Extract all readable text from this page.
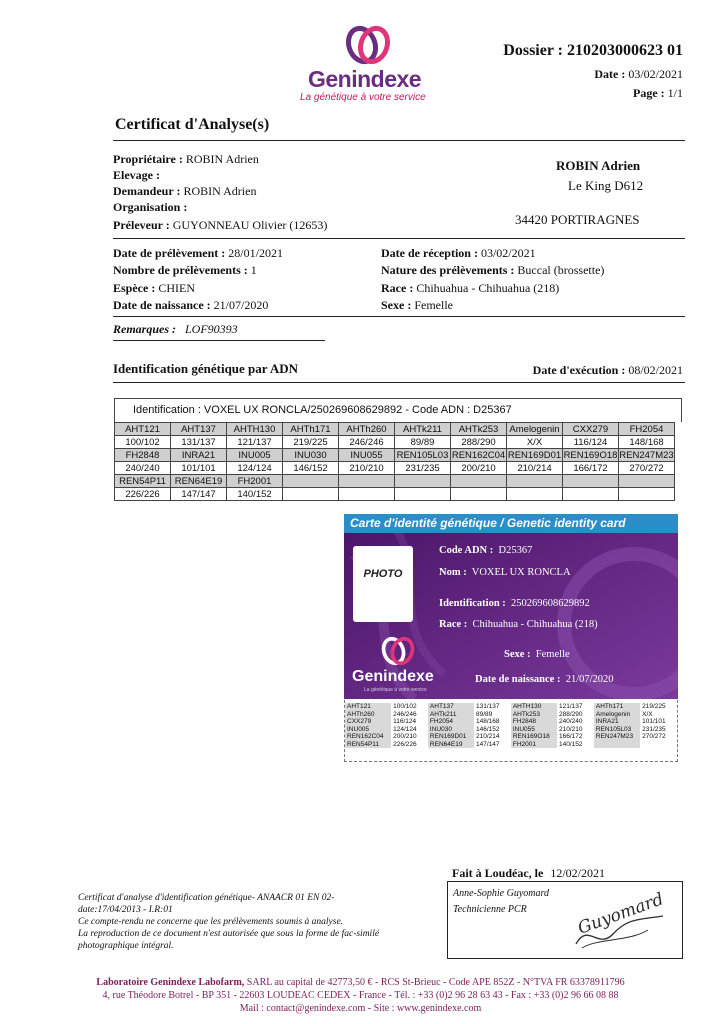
Genindexe
La génétique à votre service
Dossier : 210203000623 01
Date : 03/02/2021
Page : 1/1
Certificat d'Analyse(s)
Propriétaire : ROBIN Adrien
Elevage :
Demandeur : ROBIN Adrien
Organisation :
Préleveur : GUYONNEAU Olivier (12653)
ROBIN Adrien
Le King D612
34420 PORTIRAGNES
Date de prélèvement : 28/01/2021
Nombre de prélèvements : 1
Espèce : CHIEN
Date de naissance : 21/07/2020
Date de réception : 03/02/2021
Nature des prélèvements : Buccal (brossette)
Race : Chihuahua - Chihuahua (218)
Sexe : Femelle
Remarques : LOF90393
Identification génétique par ADN	Date d'exécution : 08/02/2021
Identification : VOXEL UX RONCLA/250269608629892 - Code ADN : D25367
AHT121	AHT137	AHTH130	AHTh171	AHTh260	AHTk211	AHTk253	Amelogenin	CXX279	FH2054
100/102	131/137	121/137	219/225	246/246	89/89	288/290	X/X	116/124	148/168
FH2848	INRA21	INU005	INU030	INU055	REN105L03	REN162C04	REN169D01	REN169O18	REN247M23
240/240	101/101	124/124	146/152	210/210	231/235	200/210	210/214	166/172	270/272
REN54P11	REN64E19	FH2001							
226/226	147/147	140/152							
Carte d'identité génétique / Genetic identity card
PHOTO
Code ADN : D25367
Nom : VOXEL UX RONCLA
Identification : 250269608629892
Race : Chihuahua - Chihuahua (218)
Genindexe
La génétique à votre service
Sexe : Femelle
Date de naissance : 21/07/2020
AHT121	100/102	AHT137	131/137	AHTH130	121/137	AHTh171	219/225
AHTh260	246/246	AHTk211	89/89	AHTk253	288/290	Amelogenin	X/X
CXX279	116/124	FH2054	148/168	FH2848	240/240	INRA21	101/101
INU005	124/124	INU030	146/152	INU055	210/210	REN105L03	231/235
REN162C04	200/210	REN169D01	210/214	REN169O18	166/172	REN247M23	270/272
REN54P11	226/226	REN64E19	147/147	FH2001	140/152		
Fait à Loudéac, le 12/02/2021
Anne-Sophie Guyomard
Technicienne PCR	Guyomard
Certificat d'analyse d'identification génétique- ANAACR 01 EN 02-
date:17/04/2013 - I.R:01
Ce compte-rendu ne concerne que les prélèvements soumis à analyse.
La reproduction de ce document n'est autorisée que sous la forme de fac-similé
photographique intégral.
Laboratoire Genindexe Labofarm, SARL au capital de 42773,50 € - RCS St-Brieuc - Code APE 852Z - N°TVA FR 63378911796
4, rue Théodore Botrel - BP 351 - 22603 LOUDEAC CEDEX - France - Tél. : +33 (0)2 96 28 63 43 - Fax : +33 (0)2 96 66 08 88
Mail : contact@genindexe.com - Site : www.genindexe.com
